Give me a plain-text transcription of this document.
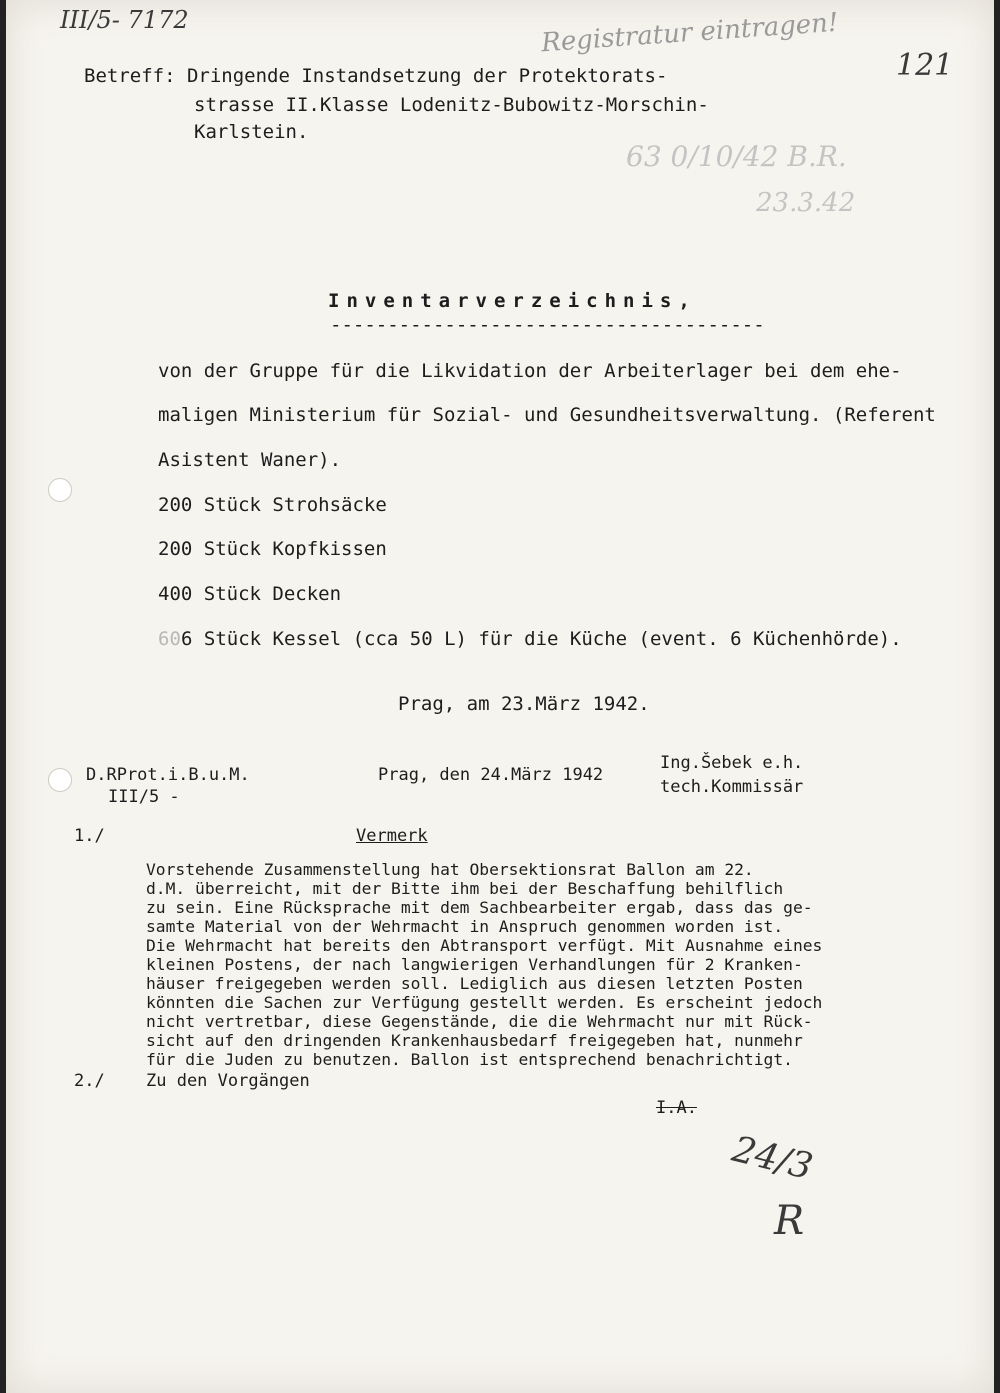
III/5- 7172	Registratur eintragen!
121
63 0/10/42 B.R.
23.3.42
Betreff: Dringende Instandsetzung der Protektorats-
strasse II.Klasse Lodenitz-Bubowitz-Morschin-
Karlstein.
Inventarverzeichnis,
--------------------------------------
von der Gruppe für die Likvidation der Arbeiterlager bei dem ehe-
maligen Ministerium für Sozial- und Gesundheitsverwaltung. (Referent
Asistent Waner).
200 Stück Strohsäcke
200 Stück Kopfkissen
400 Stück Decken
60 6 Stück Kessel (cca 50 L) für die Küche (event. 6 Küchenhörde).
Prag, am 23.März 1942.
D.RProt.i.B.u.M.
III/5 -
Prag, den 24.März 1942
Ing.Šebek e.h.
tech.Kommissär
1./	Vermerk
Vorstehende Zusammenstellung hat Obersektionsrat Ballon am 22.
d.M. überreicht, mit der Bitte ihm bei der Beschaffung behilflich
zu sein. Eine Rücksprache mit dem Sachbearbeiter ergab, dass das ge-
samte Material von der Wehrmacht in Anspruch genommen worden ist.
Die Wehrmacht hat bereits den Abtransport verfügt. Mit Ausnahme eines
kleinen Postens, der nach langwierigen Verhandlungen für 2 Kranken-
häuser freigegeben werden soll. Lediglich aus diesen letzten Posten
könnten die Sachen zur Verfügung gestellt werden. Es erscheint jedoch
nicht vertretbar, diese Gegenstände, die die Wehrmacht nur mit Rück-
sicht auf den dringenden Krankenhausbedarf freigegeben hat, nunmehr
für die Juden zu benutzen. Ballon ist entsprechend benachrichtigt.
2./ Zu den Vorgängen
I.A.
24/3
R
